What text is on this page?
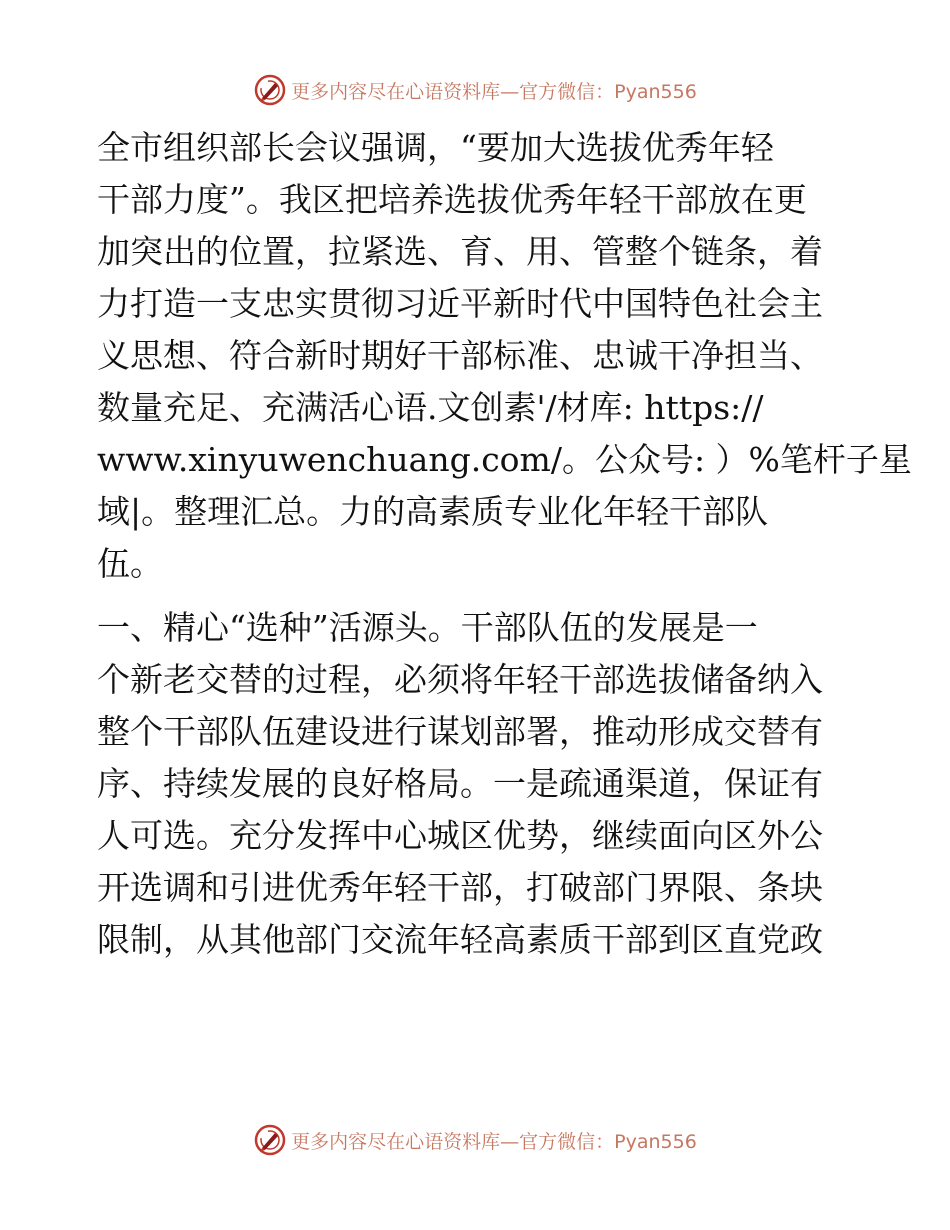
更多内容尽在心语资料库—官方微信：Pyan556

全市组织部长会议强调，“要加大选拔优秀年轻
干部力度”。我区把培养选拔优秀年轻干部放在更
加突出的位置，拉紧选、育、用、管整个链条，着
力打造一支忠实贯彻习近平新时代中国特色社会主
义思想、符合新时期好干部标准、忠诚干净担当、
数量充足、充满活心语.文创素'/材库: https://
www.xinyuwenchuang.com/。公众号: ）%笔杆子星
域|。整理汇总。力的高素质专业化年轻干部队
伍。

一、精心“选种”活源头。干部队伍的发展是一
个新老交替的过程，必须将年轻干部选拔储备纳入
整个干部队伍建设进行谋划部署，推动形成交替有
序、持续发展的良好格局。一是疏通渠道，保证有
人可选。充分发挥中心城区优势，继续面向区外公
开选调和引进优秀年轻干部，打破部门界限、条块
限制，从其他部门交流年轻高素质干部到区直党政

更多内容尽在心语资料库—官方微信：Pyan556
